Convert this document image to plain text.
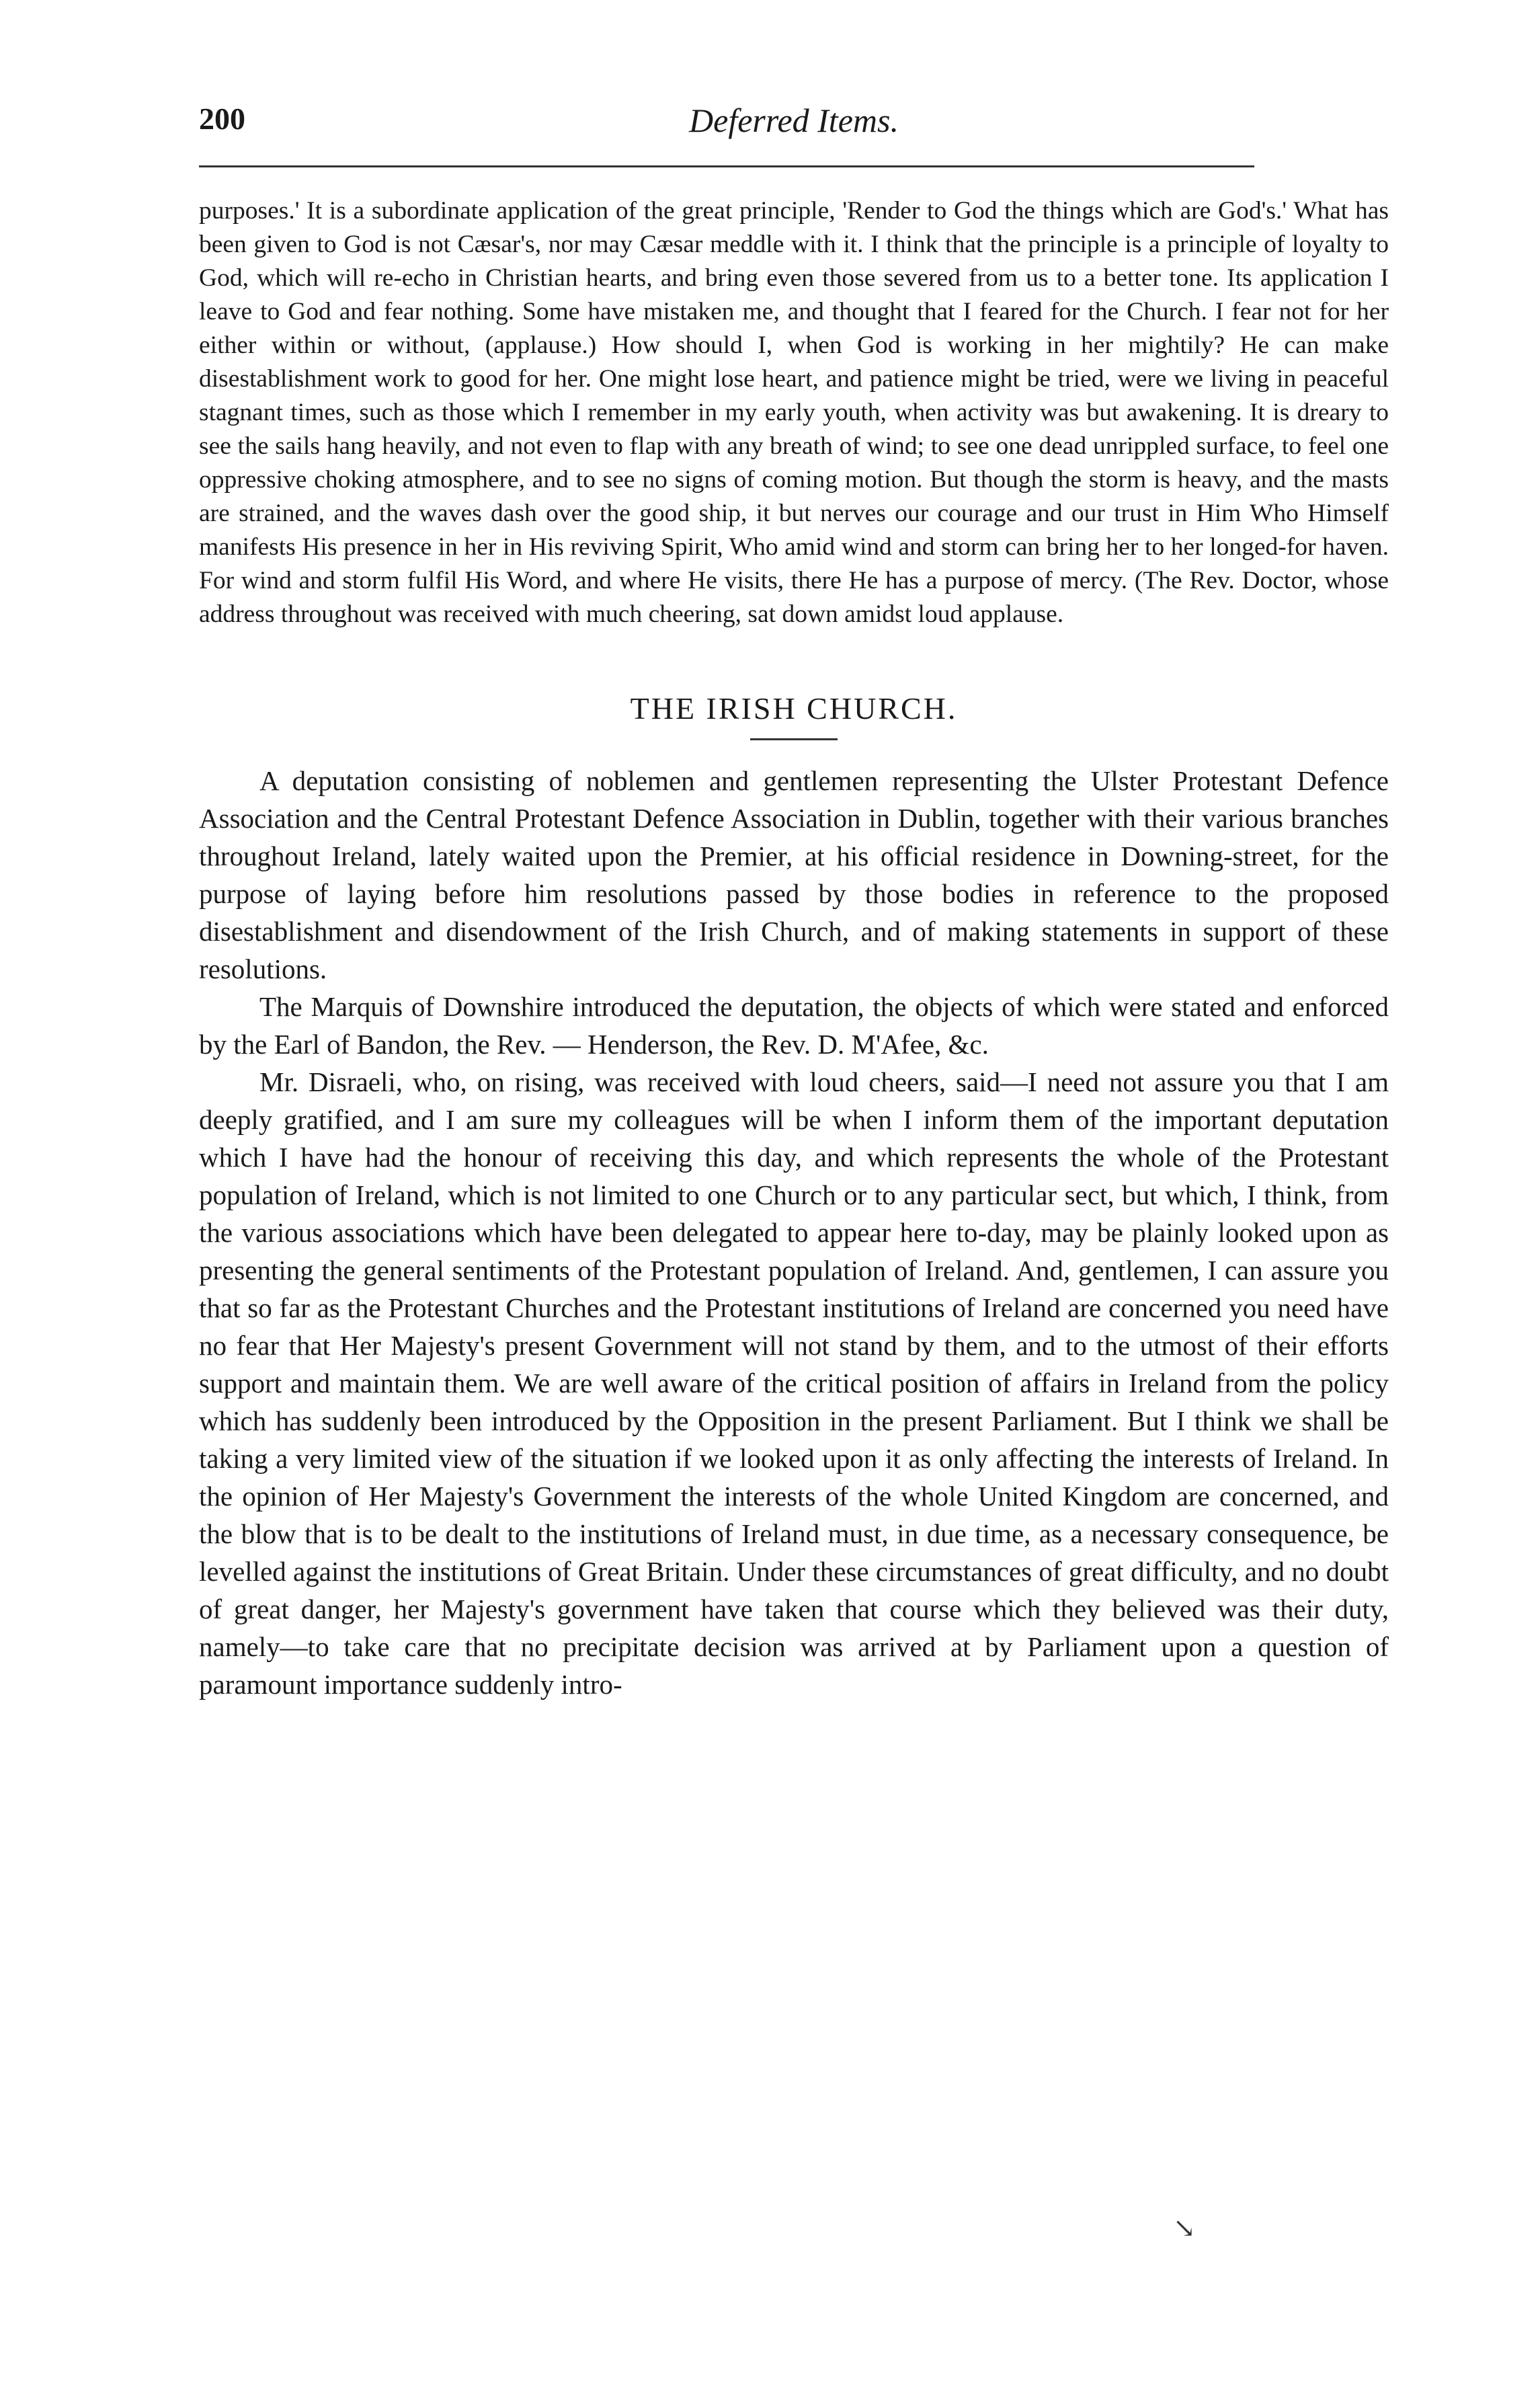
200	Deferred Items.

purposes.' It is a subordinate application of the great principle, 'Render to God the things which are God's.' What has been given to God is not Cæsar's, nor may Cæsar meddle with it. I think that the principle is a principle of loyalty to God, which will re-echo in Christian hearts, and bring even those severed from us to a better tone. Its application I leave to God and fear nothing. Some have mistaken me, and thought that I feared for the Church. I fear not for her either within or without, (applause.) How should I, when God is working in her mightily? He can make disestablishment work to good for her. One might lose heart, and patience might be tried, were we living in peaceful stagnant times, such as those which I remember in my early youth, when activity was but awakening. It is dreary to see the sails hang heavily, and not even to flap with any breath of wind; to see one dead unrippled surface, to feel one oppressive choking atmosphere, and to see no signs of coming motion. But though the storm is heavy, and the masts are strained, and the waves dash over the good ship, it but nerves our courage and our trust in Him Who Himself manifests His presence in her in His reviving Spirit, Who amid wind and storm can bring her to her longed-for haven. For wind and storm fulfil His Word, and where He visits, there He has a purpose of mercy. (The Rev. Doctor, whose address throughout was received with much cheering, sat down amidst loud applause.

THE IRISH CHURCH.

A deputation consisting of noblemen and gentlemen representing the Ulster Protestant Defence Association and the Central Protestant Defence Association in Dublin, together with their various branches throughout Ireland, lately waited upon the Premier, at his official residence in Downing-street, for the purpose of laying before him resolutions passed by those bodies in reference to the proposed disestablishment and disendowment of the Irish Church, and of making statements in support of these resolutions.

The Marquis of Downshire introduced the deputation, the objects of which were stated and enforced by the Earl of Bandon, the Rev. — Henderson, the Rev. D. M'Afee, &c.

Mr. Disraeli, who, on rising, was received with loud cheers, said—I need not assure you that I am deeply gratified, and I am sure my colleagues will be when I inform them of the important deputation which I have had the honour of receiving this day, and which represents the whole of the Protestant population of Ireland, which is not limited to one Church or to any particular sect, but which, I think, from the various associations which have been delegated to appear here to-day, may be plainly looked upon as presenting the general sentiments of the Protestant population of Ireland. And, gentlemen, I can assure you that so far as the Protestant Churches and the Protestant institutions of Ireland are concerned you need have no fear that Her Majesty's present Government will not stand by them, and to the utmost of their efforts support and maintain them. We are well aware of the critical position of affairs in Ireland from the policy which has suddenly been introduced by the Opposition in the present Parliament. But I think we shall be taking a very limited view of the situation if we looked upon it as only affecting the interests of Ireland. In the opinion of Her Majesty's Government the interests of the whole United Kingdom are concerned, and the blow that is to be dealt to the institutions of Ireland must, in due time, as a necessary consequence, be levelled against the institutions of Great Britain. Under these circumstances of great difficulty, and no doubt of great danger, her Majesty's government have taken that course which they believed was their duty, namely—to take care that no precipitate decision was arrived at by Parliament upon a question of paramount importance suddenly intro-

↘
